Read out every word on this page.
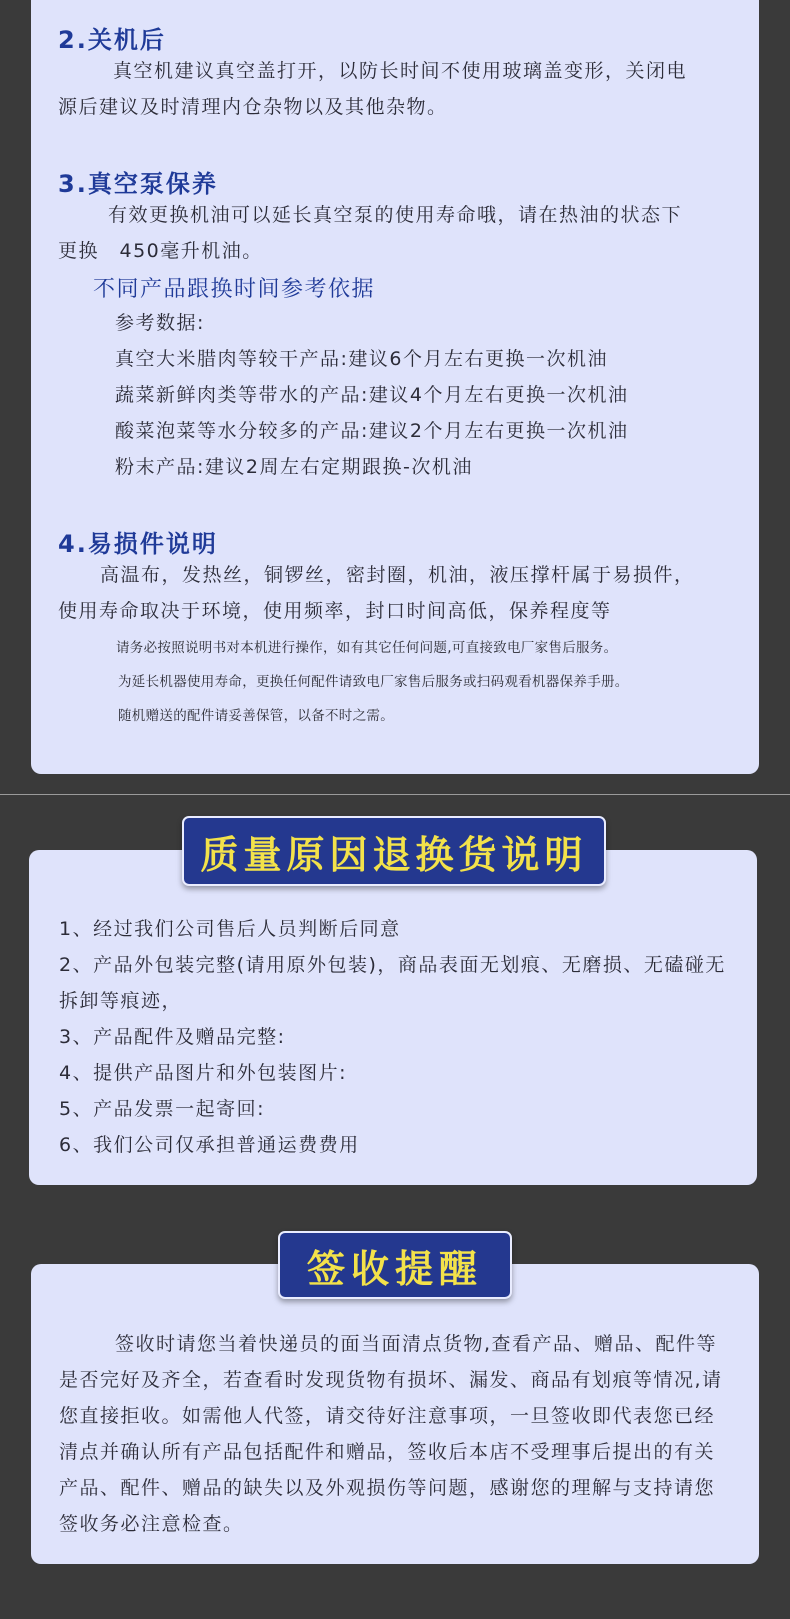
2.关机后
真空机建议真空盖打开，以防长时间不使用玻璃盖变形，关闭电
源后建议及时清理内仓杂物以及其他杂物。
3.真空泵保养
有效更换机油可以延长真空泵的使用寿命哦，请在热油的状态下
更换　450毫升机油。
不同产品跟换时间参考依据
参考数据:
真空大米腊肉等较干产品:建议6个月左右更换一次机油
蔬菜新鲜肉类等带水的产品:建议4个月左右更换一次机油
酸菜泡菜等水分较多的产品:建议2个月左右更换一次机油
粉末产品:建议2周左右定期跟换-次机油
4.易损件说明
高温布，发热丝，铜锣丝，密封圈，机油，液压撑杆属于易损件，
使用寿命取决于环境，使用频率，封口时间高低，保养程度等
请务必按照说明书对本机进行操作，如有其它任何问题,可直接致电厂家售后服务。
为延长机器使用寿命，更换任何配件请致电厂家售后服务或扫码观看机器保养手册。
随机赠送的配件请妥善保管，以备不时之需。
质量原因退换货说明
1、经过我们公司售后人员判断后同意
2、产品外包装完整(请用原外包装)，商品表面无划痕、无磨损、无磕碰无
拆卸等痕迹，
3、产品配件及赠品完整:
4、提供产品图片和外包装图片:
5、产品发票一起寄回:
6、我们公司仅承担普通运费费用
签收提醒
签收时请您当着快递员的面当面清点货物,查看产品、赠品、配件等
是否完好及齐全，若查看时发现货物有损坏、漏发、商品有划痕等情况,请
您直接拒收。如需他人代签，请交待好注意事项，一旦签收即代表您已经
清点并确认所有产品包括配件和赠品，签收后本店不受理事后提出的有关
产品、配件、赠品的缺失以及外观损伤等问题，感谢您的理解与支持请您
签收务必注意检查。
